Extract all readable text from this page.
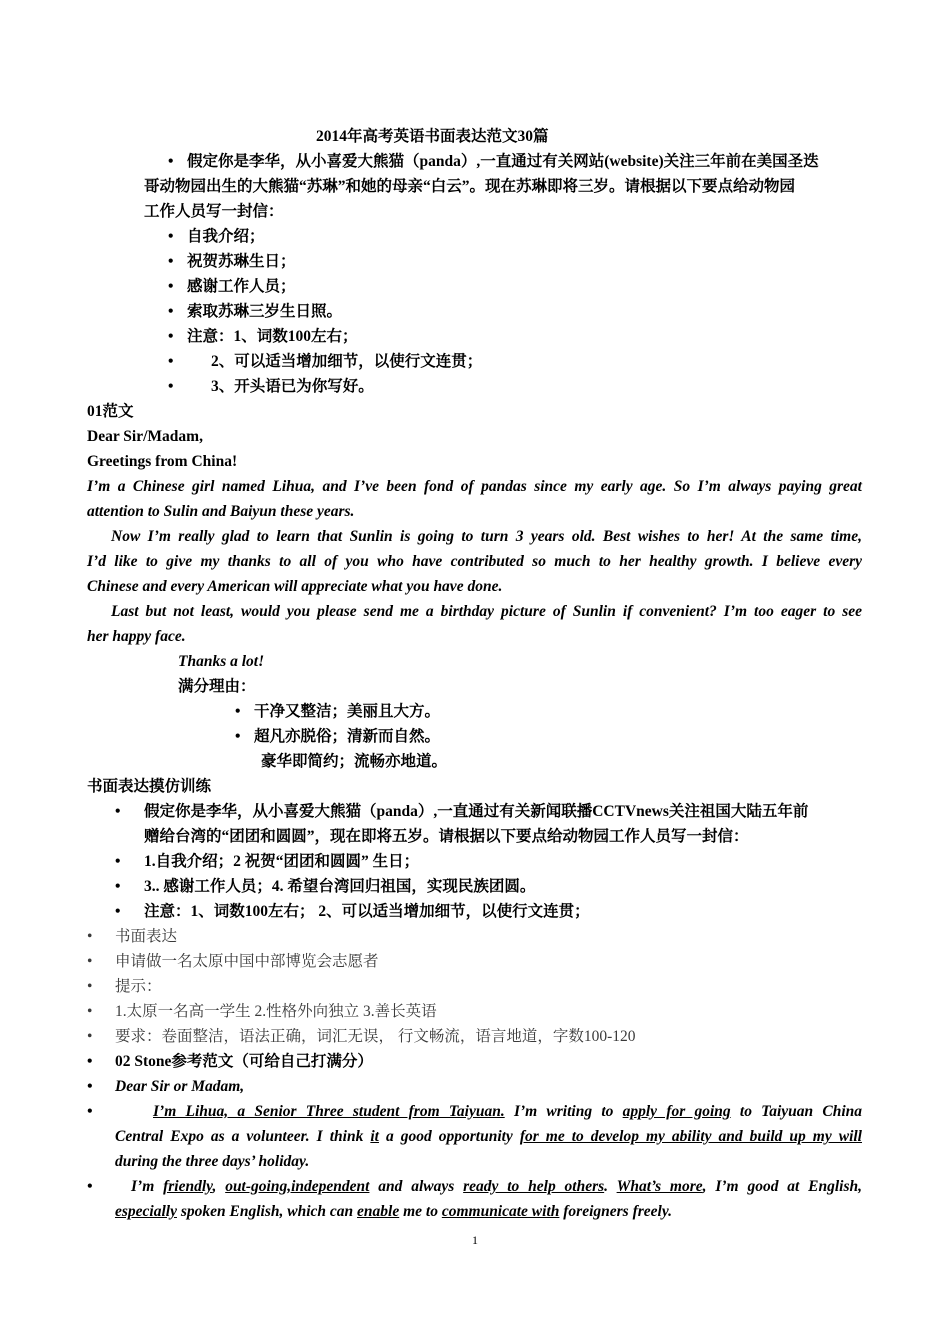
2014年高考英语书面表达范文30篇
• 假定你是李华，从小喜爱大熊猫（panda）,一直通过有关网站(website)关注三年前在美国圣迭
哥动物园出生的大熊猫“苏琳”和她的母亲“白云”。现在苏琳即将三岁。请根据以下要点给动物园
工作人员写一封信：
• 自我介绍；
• 祝贺苏琳生日；
• 感谢工作人员；
• 索取苏琳三岁生日照。
• 注意：1、词数100左右；
• 2、可以适当增加细节，以使行文连贯；
• 3、开头语已为你写好。
01范文
Dear Sir/Madam,
Greetings from China!
I’m a Chinese girl named Lihua, and I’ve been fond of pandas since my early age. So I’m always paying great
attention to Sulin and Baiyun these years.
Now I’m really glad to learn that Sunlin is going to turn 3 years old. Best wishes to her! At the same time,
I’d like to give my thanks to all of you who have contributed so much to her healthy growth. I believe every
Chinese and every American will appreciate what you have done.
Last but not least, would you please send me a birthday picture of Sunlin if convenient? I’m too eager to see
her happy face.
Thanks a lot!
满分理由：
• 干净又整洁；美丽且大方。
• 超凡亦脱俗；清新而自然。
豪华即简约；流畅亦地道。
书面表达摸仿训练
• 假定你是李华，从小喜爱大熊猫（panda）,一直通过有关新闻联播CCTVnews关注祖国大陆五年前
赠给台湾的“团团和圆圆”，现在即将五岁。请根据以下要点给动物园工作人员写一封信：
• 1.自我介绍；2 祝贺“团团和圆圆” 生日；
• 3.. 感谢工作人员；4. 希望台湾回归祖国，实现民族团圆。
• 注意：1、词数100左右； 2、可以适当增加细节，以使行文连贯；
• 书面表达
• 申请做一名太原中国中部博览会志愿者
• 提示：
• 1.太原一名高一学生 2.性格外向独立 3.善长英语
• 要求：卷面整洁，语法正确，词汇无误， 行文畅流，语言地道，字数100-120
• 02 Stone参考范文（可给自己打满分）
• Dear Sir or Madam,
•	I’m Lihua, a Senior Three student from Taiyuan. I’m writing to apply for going to Taiyuan China
Central Expo as a volunteer. I think it a good opportunity for me to develop my ability and build up my will
during the three days’ holiday.
• I’m friendly, out-going,independent and always ready to help others. What’s more, I’m good at English,
especially spoken English, which can enable me to communicate with foreigners freely.
1
